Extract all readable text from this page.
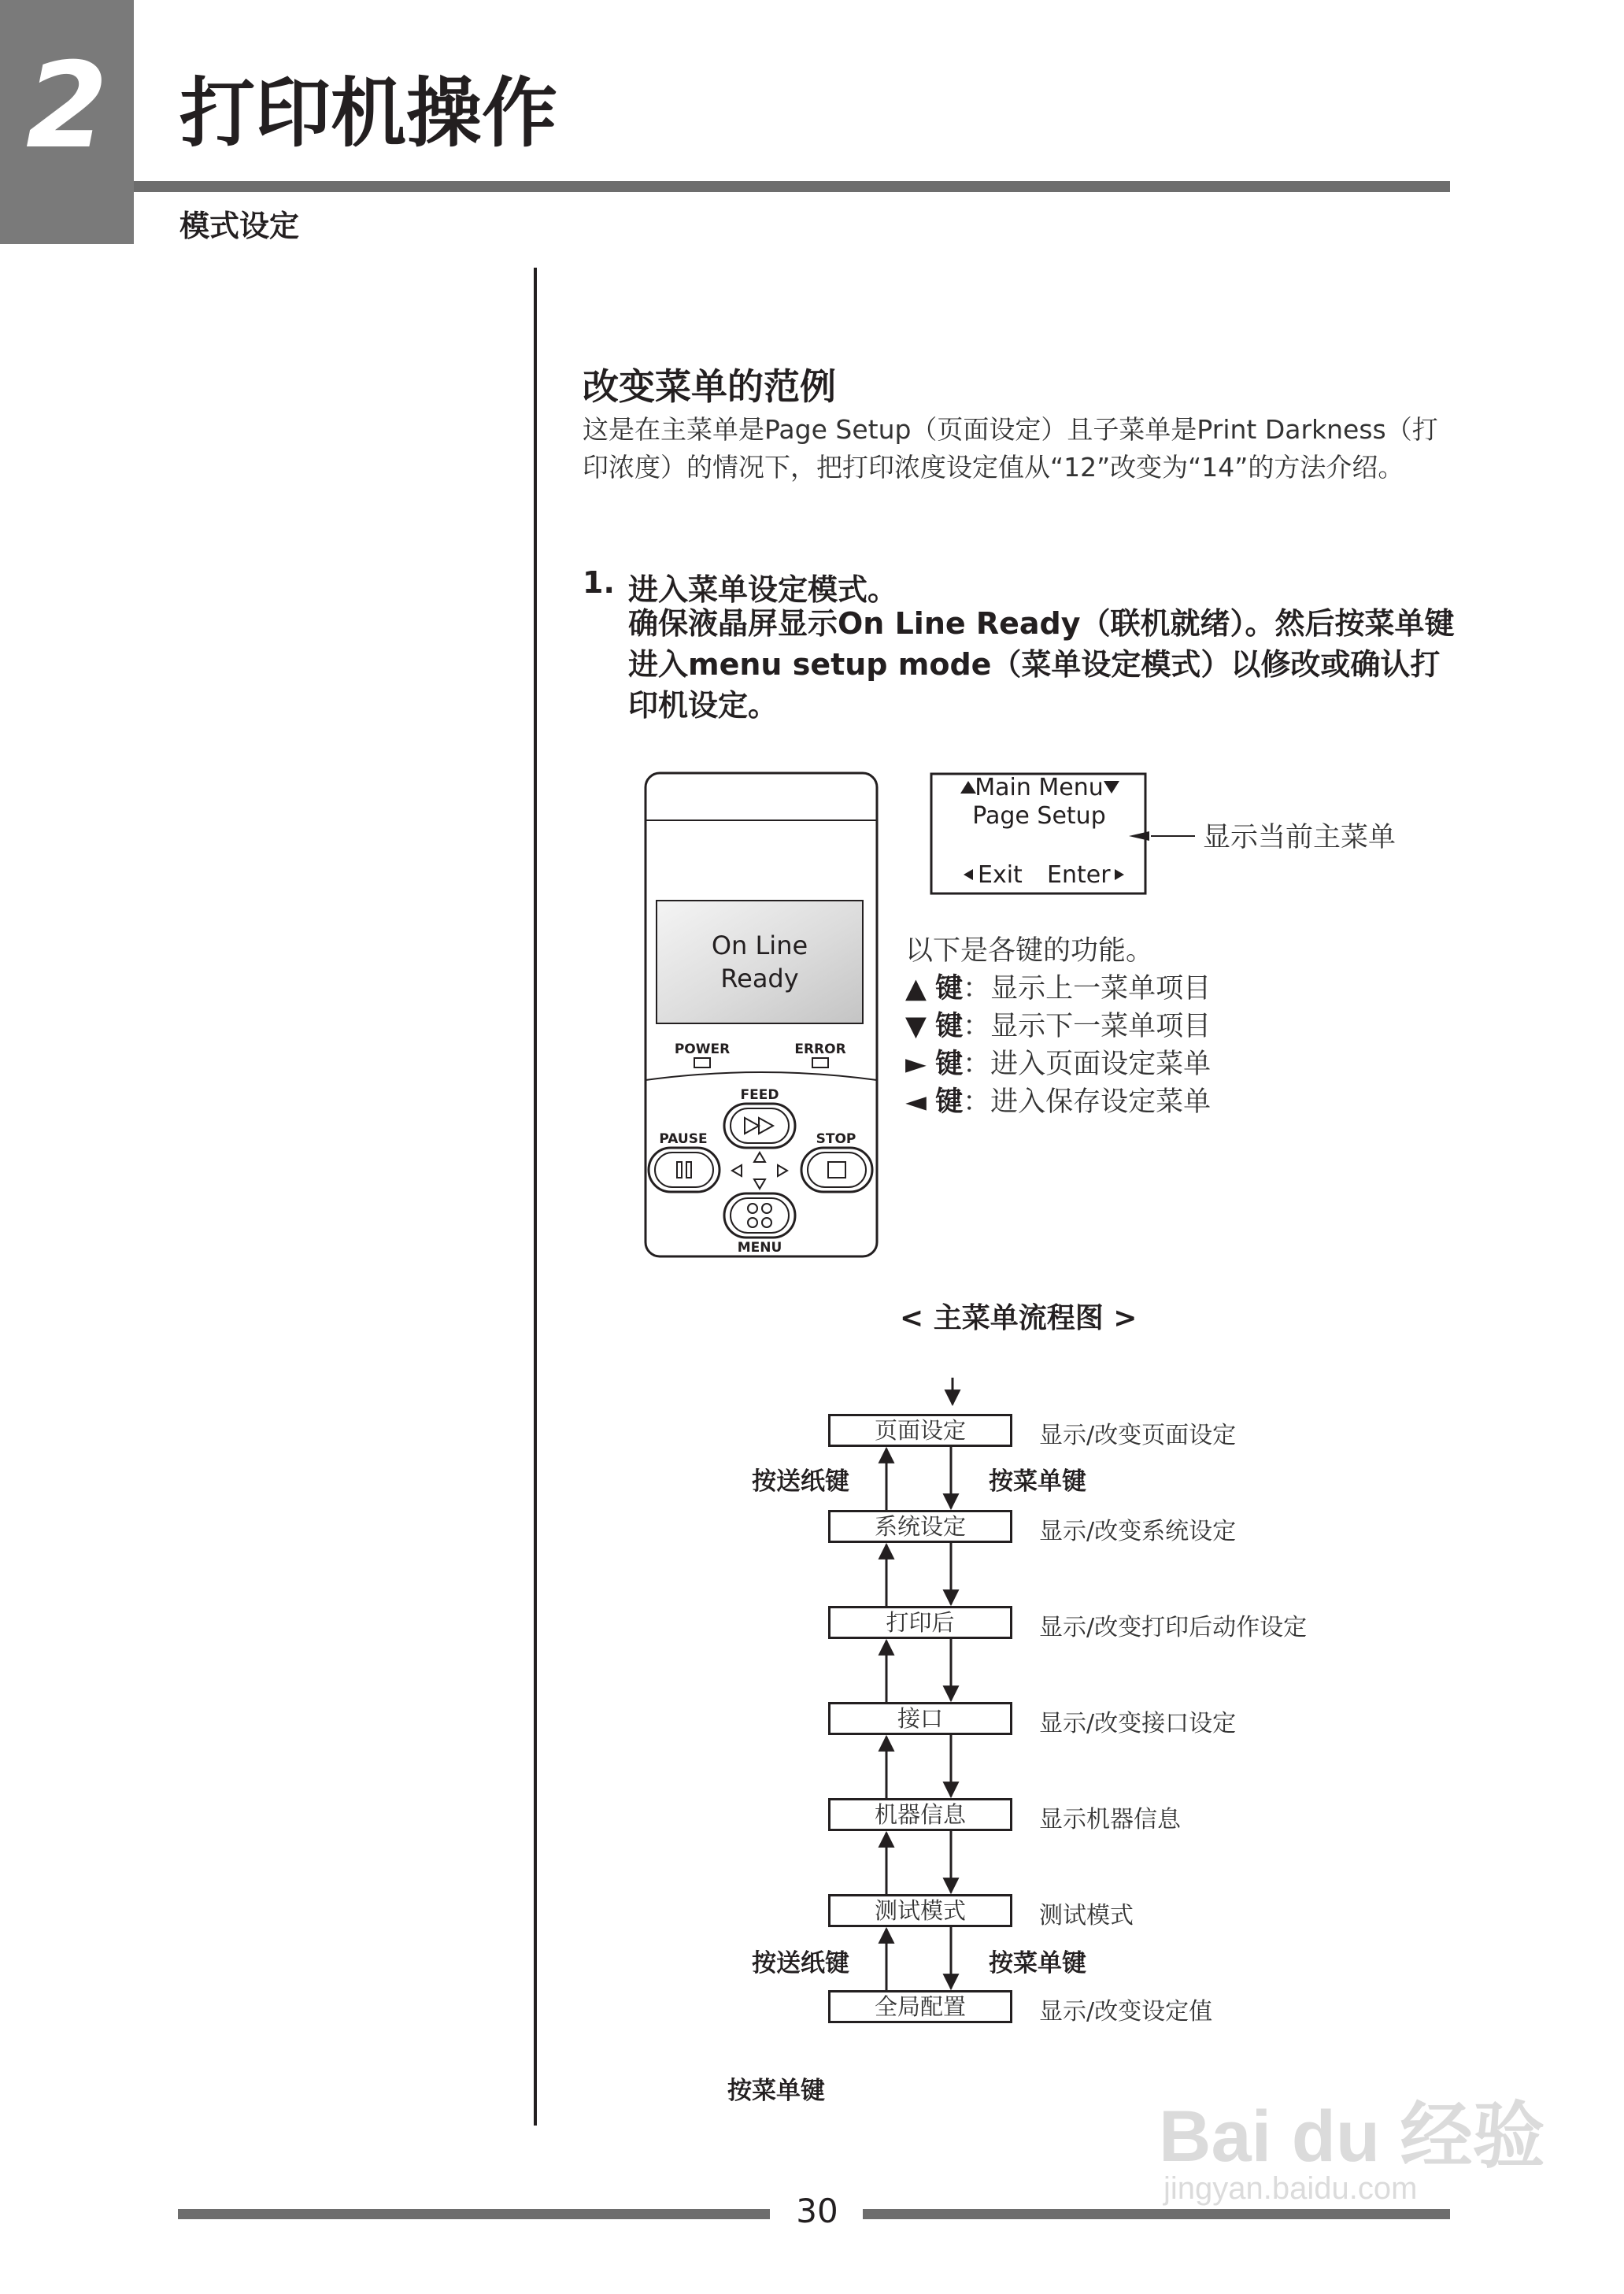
2 打印机操作
模式设定
改变菜单的范例
这是在主菜单是Page Setup（页面设定）且子菜单是Print Darkness（打印浓度）的情况下，把打印浓度设定值从“12”改变为“14”的方法介绍。
1. 进入菜单设定模式。
确保液晶屏显示On Line Ready（联机就绪）。然后按菜单键进入menu setup mode（菜单设定模式）以修改或确认打印机设定。
On Line
Ready
POWER	ERROR
FEED
PAUSE	STOP
MENU
Main Menu
Page Setup
Exit Enter
显示当前主菜单
以下是各键的功能。
▲ 键：显示上一菜单项目
▼ 键：显示下一菜单项目
► 键：进入页面设定菜单
◄ 键：进入保存设定菜单
< 主菜单流程图 >
页面设定
系统设定
打印后
接口
机器信息
测试模式
全局配置
显示/改变页面设定
显示/改变系统设定
显示/改变打印后动作设定
显示/改变接口设定
显示机器信息
测试模式
显示/改变设定值
按送纸键	按菜单键
按送纸键	按菜单键
按菜单键
30
Bai du 经验
jingyan.baidu.com
